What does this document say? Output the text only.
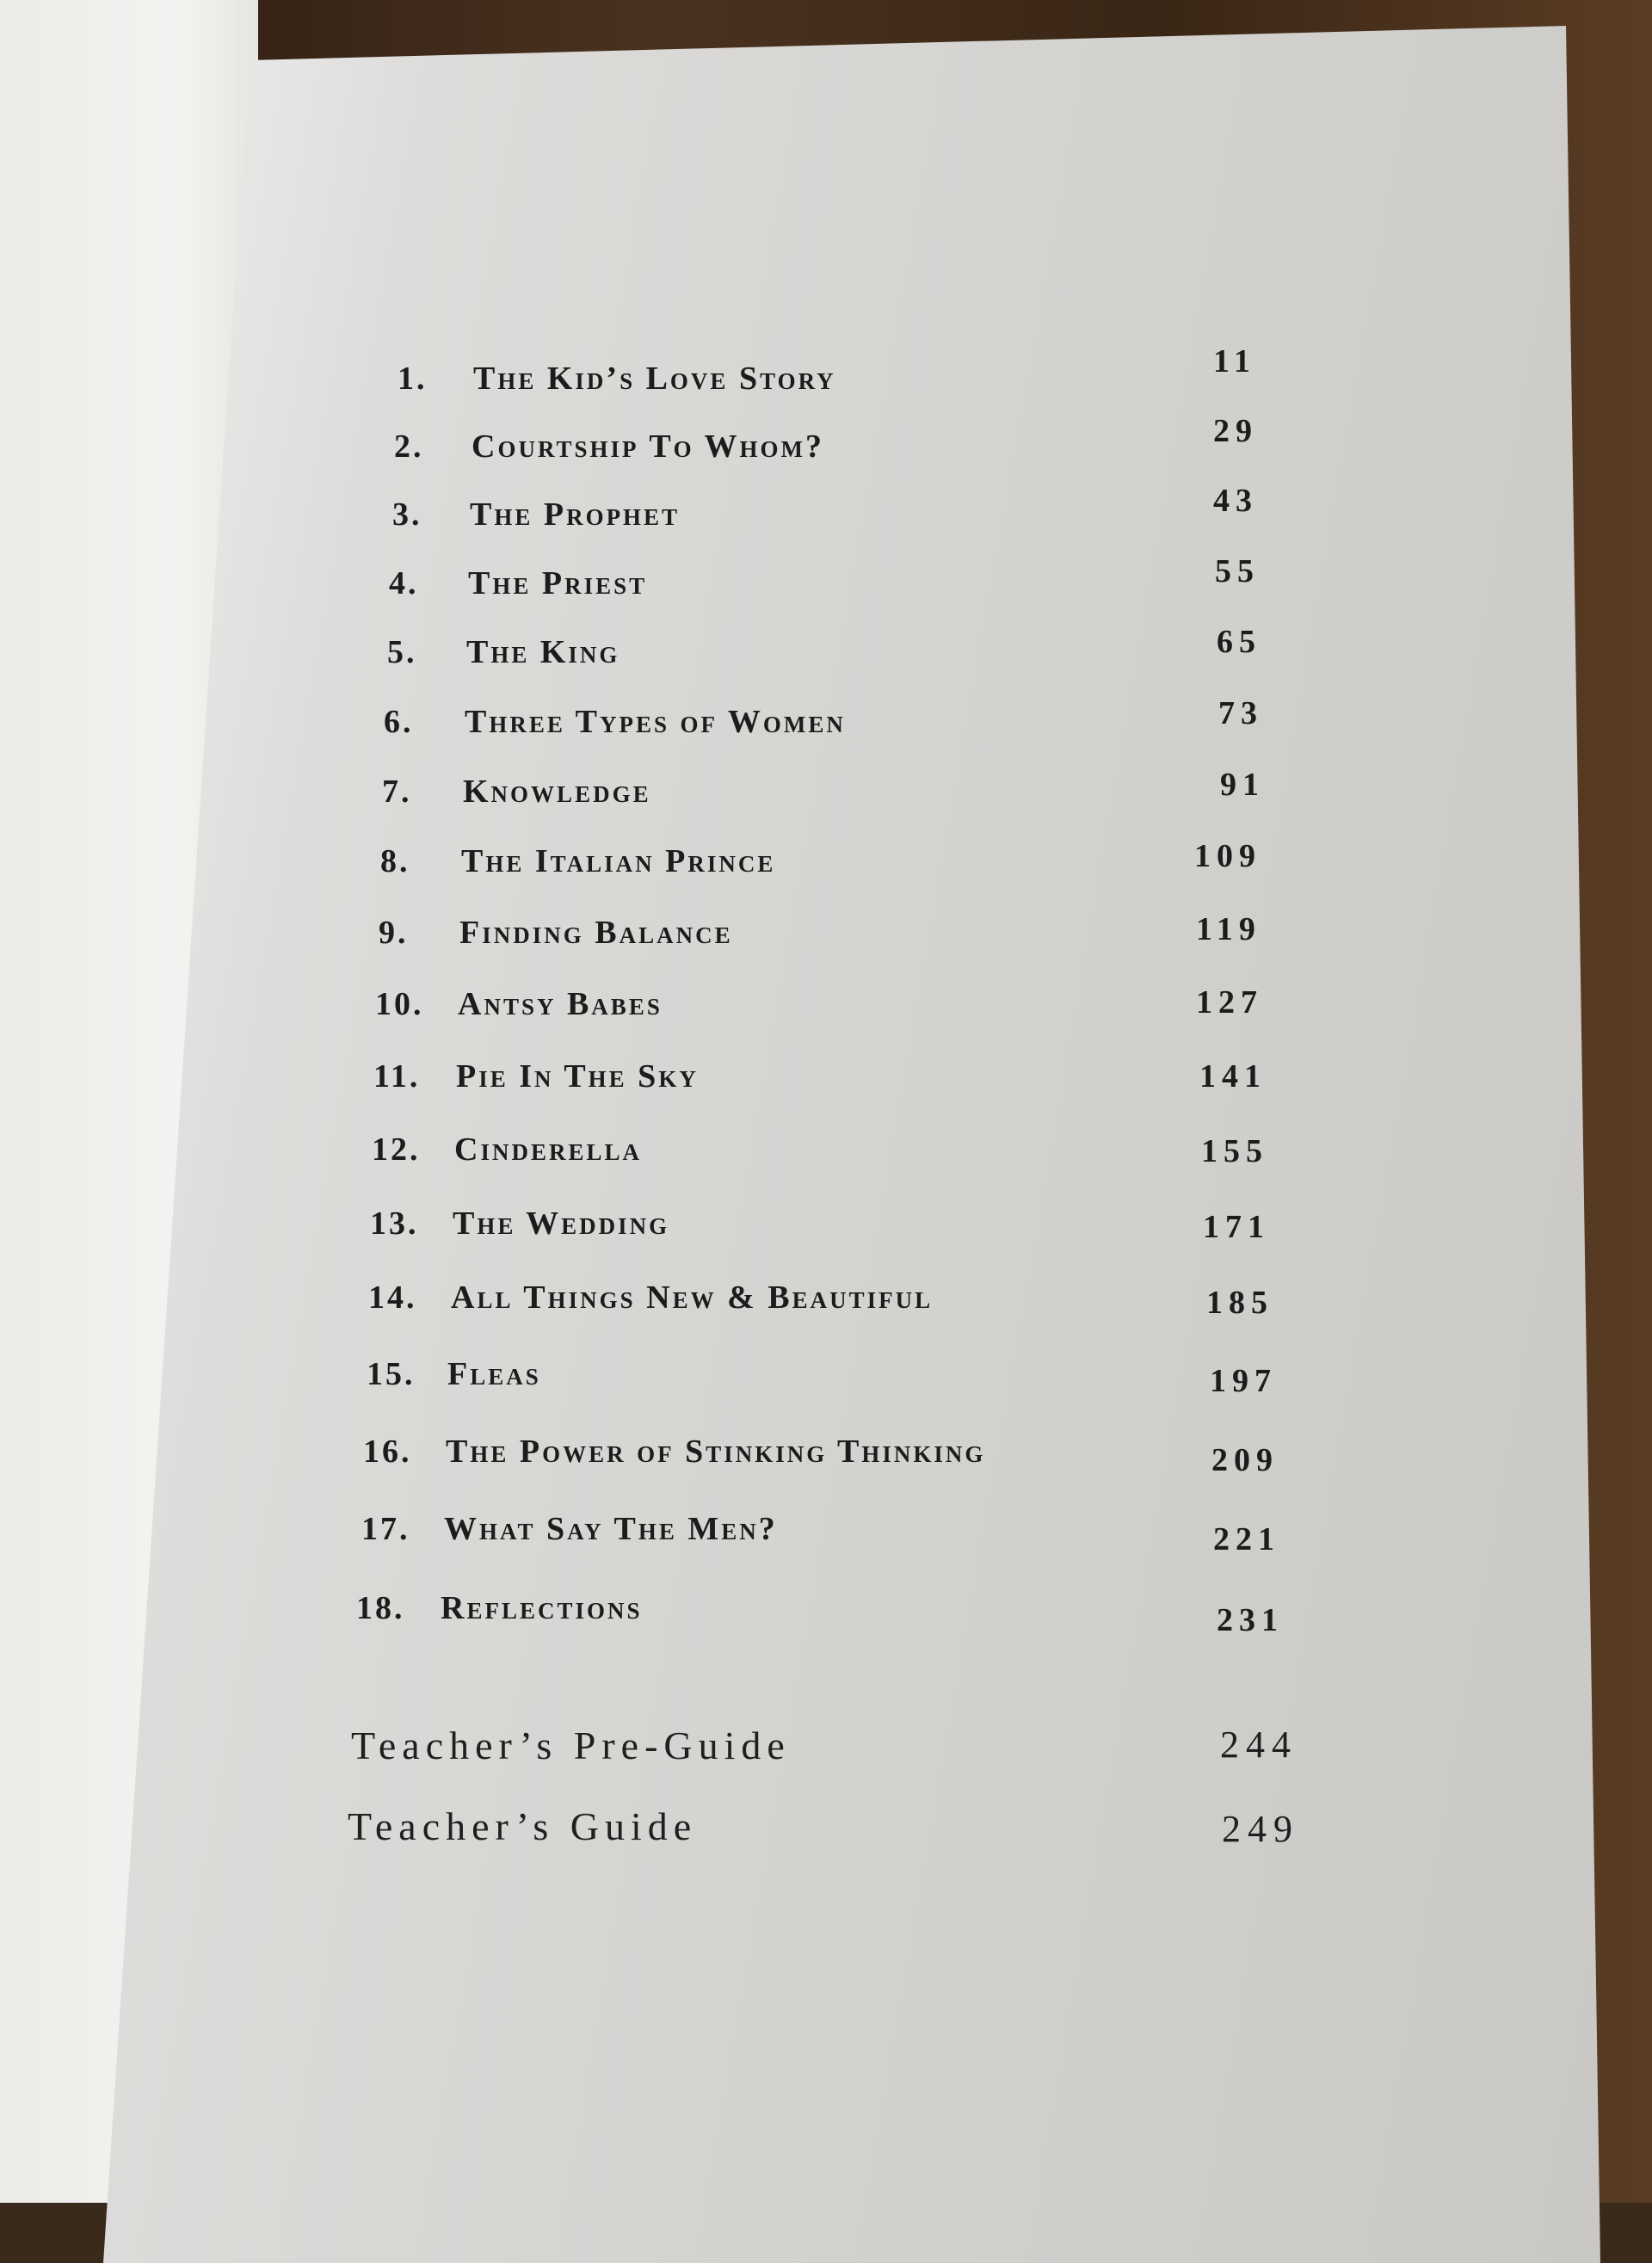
1. The Kid’s Love Story	11
2. Courtship To Whom?	29
3. The Prophet	43
4. The Priest	55
5. The King	65
6. Three Types of Women	73
7. Knowledge	91
8. The Italian Prince	109
9. Finding Balance	119
10. Antsy Babes	127
11. Pie In The Sky	141
12. Cinderella	155
13. The Wedding	171
14. All Things New & Beautiful	185
15. Fleas	197
16. The Power of Stinking Thinking	209
17. What Say The Men?	221
18. Reflections	231
Teacher’s Pre-Guide	244
Teacher’s Guide	249
